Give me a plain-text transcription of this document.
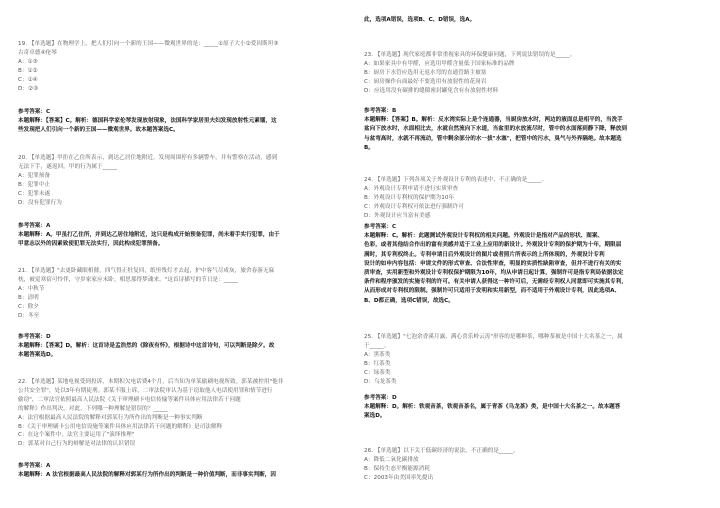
19. 【单选题】在物理学上，把人们引向一个新的王国——微观世界的是：_____①原子大小②爱因斯坦③

古奇卓德④伦琴

A：①③

B：①②

C：①④

D：②③

参考答案：C

本题解释：【答案】C。解析：德国科学家伦琴发现放射现象，法国科学家居里夫妇发现放射性元素镭，这

些发现把人们引向一个新的王国——微观世界。故本题答案选C。

20. 【单选题】甲拒在乙住所表示，到达乙居住地附近，发现周围停有多辆警车，并有警察在活动，感到

无法下手，遂返回。甲的行为属于_____

A：犯罪预备

B：犯罪中止

C：犯罪未遂

D：没有犯罪行为

参考答案：A

本题解释：A。甲虽打乙住所，并到达乙居住地附近，这只是构成开始预备犯罪，尚未着手实行犯罪，由于

甲意志以外的因素致使犯罪无法实行，因此构成犯罪预备。

21. 【单选题】"去更卧藏眼相催，四气得正牡复回，纸里残灯才去起，护中客气尽成灰，旅舍春游无寐

枕，被觉寒宿可怜伴，守岁家家应未卧，相思那得梦魂来。"这首诗描写的节日是：_____

A：中秋节

B：清明

C：除夕

D：冬至

参考答案：D

本题解释：【答案】D。解析：这首诗是孟浩然的《除夜有怀》，根据诗中这首诗句，可以判断是除夕。故

本题答案选D。

22. 【单选题】某地电视受到投诉，本期积欠电话费4个月，后当知为单某偷刷电视所致。郭某被控用"他非

公共安全罪"，处以3年有期徒刑。郭某不服上诉，二审法院审认为基于窃取他人电话使用罪和情节进行

偷窃"，二审法官依照最高人民法院《关于审理刷卡电信传输等案件具体应用法律若干问题

的解释》作出判决，对此，下列哪一种理解是错误的？_____

A：法官根据最高人民法院的解释对郭某行为所作出的判断是一种事实判断

B：《关于审理刷卡公用电信设施等案件具体应用法律若干问题的解释》是司法解释

C：在这个案件中，法官主要运用了"演绎推理"

D：郭某对自己行为的辩解是对法律的认识错误

参考答案：A

本题解释：A 法官根据最高人民法院的解释对郭某行为所作出的判断是一种价值判断，而非事实判断，因

此，选项A错误，选项B、C、D错误，选A。

23. 【单选题】现代家庭都非常重视家具的环保健康问题，下列说法错误的是_____。

A：如果家具中有甲醛，应选用甲醛含量低于国家标准的品牌

B：厨房下水管应选用无返水弯的直通管路主被塞

C：厨房操作台面最好不要选用有放射性的花岗岩

D：应选用没有碳排的缝隙密封罐免含有有放射性材料

参考答案：B

本题解释：【答案】B。解析：反水湾实际上是个连通器，当厨房放水时，两边的液面总是相平的，当洗手

盆向下放水时，水面相比去，水就自然流向下水道，当盆里的水放流尽时，管中的水面落到静下降，释放到

与盆弯高时，水就不再流动，管中剩余部分的水一拔"水塞"，把管中的污水，臭气与外界隔绝。故本题选

B。

24. 【单选题】下列各项关于外观设计专利的表述中，不正确的是_____。

A：外观设计专利申请不进行实质审查

B：外观设计专利权的保护期为10年

C：外观设计专利权可依法进行强制许可

D：外观设计应当富有美感

参考答案：C

本题解释：C。解析：此题测试外观设计专利权的相关问题。外观设计是指对产品的形状、图案、

色彩，或者其他结合作出的富有美感并适于工业上应用的新设计。外观设计专利的保护期为十年，期限届

满时，其专利权终止。专利申请日后外观设计的图片或者照片所表示的上所体现的，外观设计专利

设计的如申内容包括：申请文件的形式审查、合法性审查，明显的实质性缺陷审查，但并不进行有关的实

质审查，实用新型和外观设计专利权保护期限为10年，均从申请日起计算，强制许可是指专利局依据法定

条件和程序颁发的实施专利的许可。有关申请人获得这一种许可后，无需经专利权人同意即可实施其专利，

从而形成对专利权的限制。强制许可只适用于发明和实用新型，而不适用于外观设计专利，因此选项A、

B、D都正确，选项C错误，故选C。

25. 【单选题】"七泡余香溪月露，满心喜乐岭云涛"形容的是哪种茶，哪种茶被是中国十大名茶之一，属

于_____。

A：黑茶类

B：红茶类

C：绿茶类

D：乌龙茶类

参考答案：D

本题解释：D。解析：铁观音茶，铁观音茶名，属于青茶《乌龙茶》类，是中国十大名茶之一。故本题答

案选D。

26. 【单选题】以下关于低碳经济的说法，不正确的是_____。

A：降低二氧化碳排放

B：保持生态平衡能源消耗

C：2003年由美国率先提出
